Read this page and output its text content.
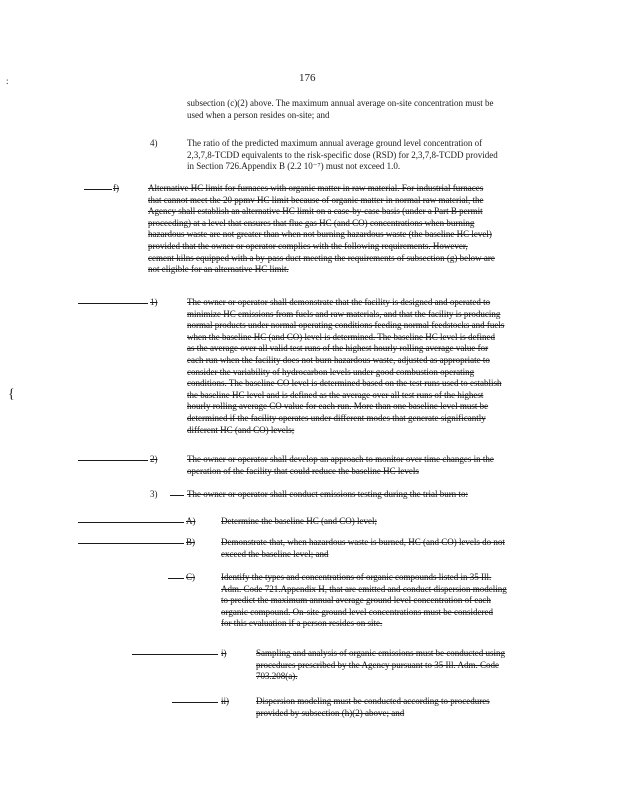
176
:
{
subsection (c)(2) above. The maximum annual average on-site concentration must be
used when a person resides on-site; and
4)	The ratio of the predicted maximum annual average ground level concentration of
2,3,7,8-TCDD equivalents to the risk-specific dose (RSD) for 2,3,7,8-TCDD provided
in Section 726.Appendix B (2.2 10⁻⁷) must not exceed 1.0.
f)	Alternative HC limit for furnaces with organic matter in raw material. For industrial furnaces
that cannot meet the 20 ppmv HC limit because of organic matter in normal raw material, the
Agency shall establish an alternative HC limit on a case-by-case basis (under a Part B permit
proceeding) at a level that ensures that flue gas HC (and CO) concentrations when burning
hazardous waste are not greater than when not burning hazardous waste (the baseline HC level)
provided that the owner or operator complies with the following requirements. However,
cement kilns equipped with a by-pass duct meeting the requirements of subsection (g) below are
not eligible for an alternative HC limit.
1)	The owner or operator shall demonstrate that the facility is designed and operated to
minimize HC emissions from fuels and raw materials, and that the facility is producing
normal products under normal operating conditions feeding normal feedstocks and fuels
when the baseline HC (and CO) level is determined. The baseline HC level is defined
as the average over all valid test runs of the highest hourly rolling average value for
each run when the facility does not burn hazardous waste, adjusted as appropriate to
consider the variability of hydrocarbon levels under good combustion operating
conditions. The baseline CO level is determined based on the test runs used to establish
the baseline HC level and is defined as the average over all test runs of the highest
hourly rolling average CO value for each run. More than one baseline level must be
determined if the facility operates under different modes that generate significantly
different HC (and CO) levels;
2)	The owner or operator shall develop an approach to monitor over time changes in the
operation of the facility that could reduce the baseline HC levels
3)	The owner or operator shall conduct emissions testing during the trial burn to:
A)	Determine the baseline HC (and CO) level;
B)	Demonstrate that, when hazardous waste is burned, HC (and CO) levels do not
exceed the baseline level; and
C)	Identify the types and concentrations of organic compounds listed in 35 Ill.
Adm. Code 721.Appendix H, that are emitted and conduct dispersion modeling
to predict the maximum annual average ground level concentration of each
organic compound. On-site ground level concentrations must be considered
for this evaluation if a person resides on site.
i)	Sampling and analysis of organic emissions must be conducted using
procedures prescribed by the Agency pursuant to 35 Ill. Adm. Code
703.208(a).
ii)	Dispersion modeling must be conducted according to procedures
provided by subsection (h)(2) above; and
